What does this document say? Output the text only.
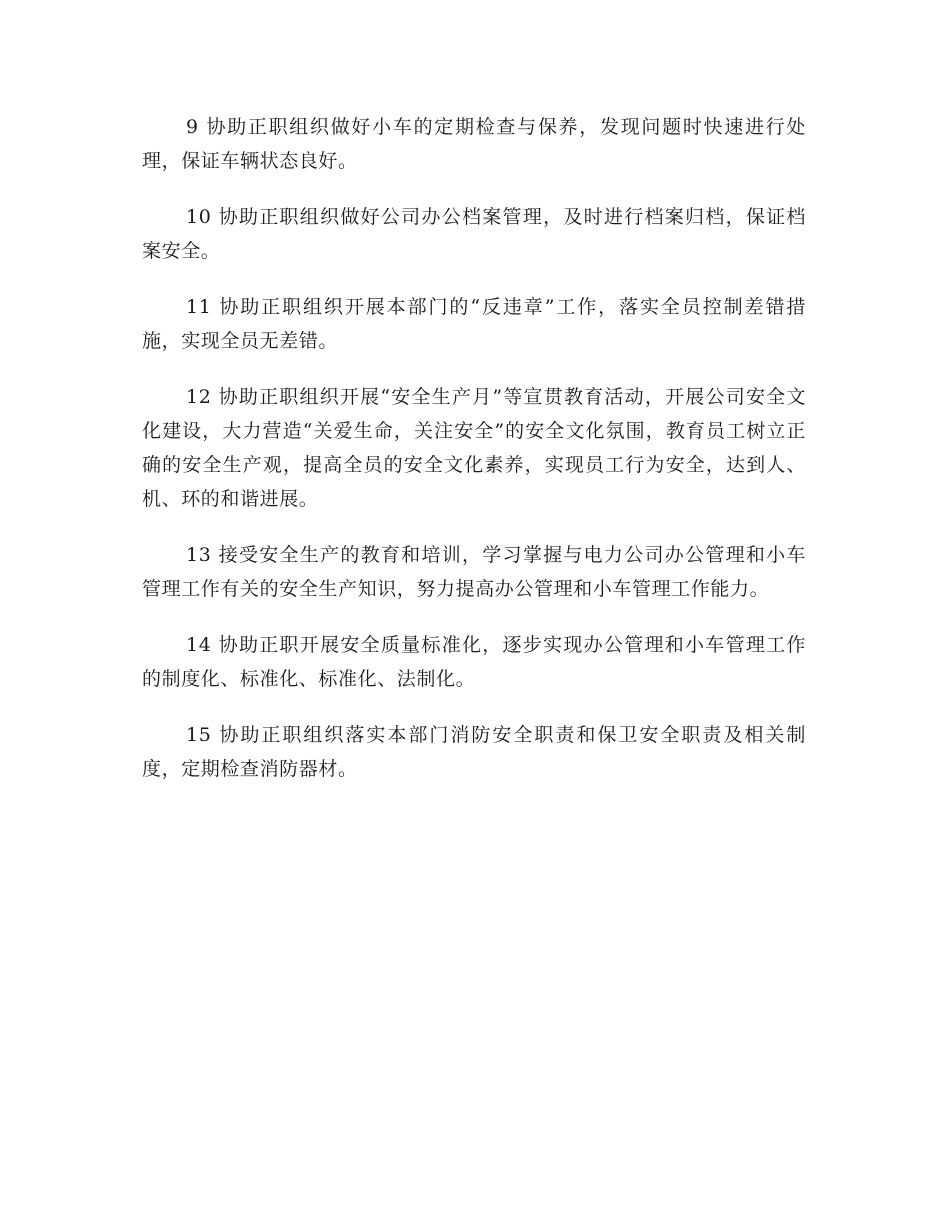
9 协助正职组织做好小车的定期检查与保养，发现问题时快速进行处理，保证车辆状态良好。

10 协助正职组织做好公司办公档案管理，及时进行档案归档，保证档案安全。

11 协助正职组织开展本部门的“反违章”工作，落实全员控制差错措施，实现全员无差错。

12 协助正职组织开展“安全生产月”等宣贯教育活动，开展公司安全文化建设，大力营造“关爱生命，关注安全”的安全文化氛围，教育员工树立正确的安全生产观，提高全员的安全文化素养，实现员工行为安全，达到人、机、环的和谐进展。

13 接受安全生产的教育和培训，学习掌握与电力公司办公管理和小车管理工作有关的安全生产知识，努力提高办公管理和小车管理工作能力。

14 协助正职开展安全质量标准化，逐步实现办公管理和小车管理工作的制度化、标准化、标准化、法制化。

15 协助正职组织落实本部门消防安全职责和保卫安全职责及相关制度，定期检查消防器材。
